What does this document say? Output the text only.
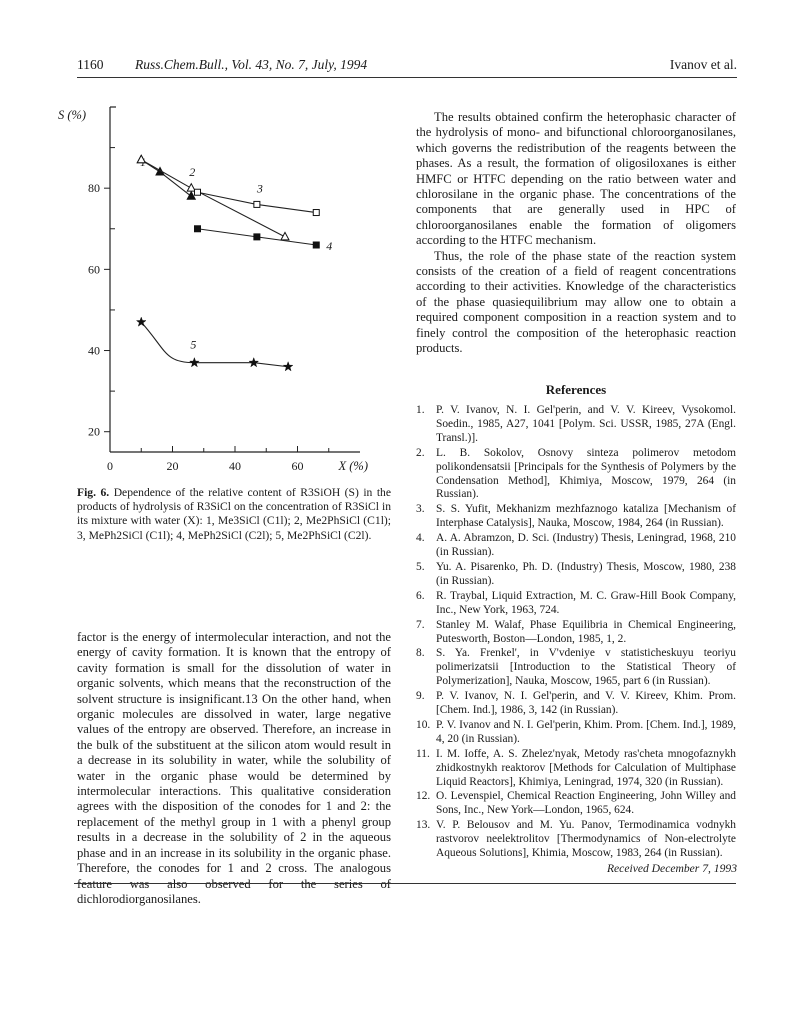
1160 Russ.Chem.Bull., Vol. 43, No. 7, July, 1994	Ivanov et al.
20
40
60
80
0	20	40	60
2
3
4
5
S (%)
X (%)
Fig. 6. Dependence of the relative content of R3SiOH (S) in the products of hydrolysis of R3SiCl on the concentration of R3SiCl in its mixture with water (X): 1, Me3SiCl (C1l); 2, Me2PhSiCl (C1l); 3, MePh2SiCl (C1l); 4, MePh2SiCl (C2l); 5, Me2PhSiCl (C2l).

factor is the energy of intermolecular interaction, and not the energy of cavity formation. It is known that the entropy of cavity formation is small for the dissolution of water in organic solvents, which means that the reconstruction of the solvent structure is insignificant.13 On the other hand, when organic molecules are dissolved in water, large negative values of the entropy are observed. Therefore, an increase in the bulk of the substituent at the silicon atom would result in a decrease in its solubility in water, while the solubility of water in the organic phase would be determined by intermolecular interactions. This qualitative consideration agrees with the disposition of the conodes for 1 and 2: the replacement of the methyl group in 1 with a phenyl group results in a decrease in the solubility of 2 in the aqueous phase and in an increase in its solubility in the organic phase. Therefore, the conodes for 1 and 2 cross. The analogous feature was also observed for the series of dichlorodiorganosilanes.

The results obtained confirm the heterophasic character of the hydrolysis of mono- and bifunctional chloroorganosilanes, which governs the redistribution of the reagents between the phases. As a result, the formation of oligosiloxanes is either HMFC or HTFC depending on the ratio between water and chlorosilane in the organic phase. The concentrations of the components that are generally used in HPC of chloroorganosilanes enable the formation of oligomers according to the HTFC mechanism.

Thus, the role of the phase state of the reaction system consists of the creation of a field of reagent concentrations according to their activities. Knowledge of the characteristics of the phase quasiequilibrium may allow one to obtain a required component composition in a reaction system and to finely control the composition of the heterophasic reaction products.

References
1. P. V. Ivanov, N. I. Gel'perin, and V. V. Kireev, Vysokomol. Soedin., 1985, A27, 1041 [Polym. Sci. USSR, 1985, 27A (Engl. Transl.)].
2. L. B. Sokolov, Osnovy sinteza polimerov metodom polikondensatsii [Principals for the Synthesis of Polymers by the Condensation Method], Khimiya, Moscow, 1979, 264 (in Russian).
3. S. S. Yufit, Mekhanizm mezhfaznogo kataliza [Mechanism of Interphase Catalysis], Nauka, Moscow, 1984, 264 (in Russian).
4. A. A. Abramzon, D. Sci. (Industry) Thesis, Leningrad, 1968, 210 (in Russian).
5. Yu. A. Pisarenko, Ph. D. (Industry) Thesis, Moscow, 1980, 238 (in Russian).
6. R. Traybal, Liquid Extraction, M. C. Graw-Hill Book Company, Inc., New York, 1963, 724.
7. Stanley M. Walaf, Phase Equilibria in Chemical Engineering, Putesworth, Boston—London, 1985, 1, 2.
8. S. Ya. Frenkel', in V'vdeniye v statisticheskuyu teoriyu polimerizatsii [Introduction to the Statistical Theory of Polymerization], Nauka, Moscow, 1965, part 6 (in Russian).
9. P. V. Ivanov, N. I. Gel'perin, and V. V. Kireev, Khim. Prom. [Chem. Ind.], 1986, 3, 142 (in Russian).
10. P. V. Ivanov and N. I. Gel'perin, Khim. Prom. [Chem. Ind.], 1989, 4, 20 (in Russian).
11. I. M. Ioffe, A. S. Zhelez'nyak, Metody ras'cheta mnogofaznykh zhidkostnykh reaktorov [Methods for Calculation of Multiphase Liquid Reactors], Khimiya, Leningrad, 1974, 320 (in Russian).
12. O. Levenspiel, Chemical Reaction Engineering, John Willey and Sons, Inc., New York—London, 1965, 624.
13. V. P. Belousov and M. Yu. Panov, Termodinamica vodnykh rastvorov neelektrolitov [Thermodynamics of Non-electrolyte Aqueous Solutions], Khimia, Moscow, 1983, 264 (in Russian).
Received December 7, 1993
